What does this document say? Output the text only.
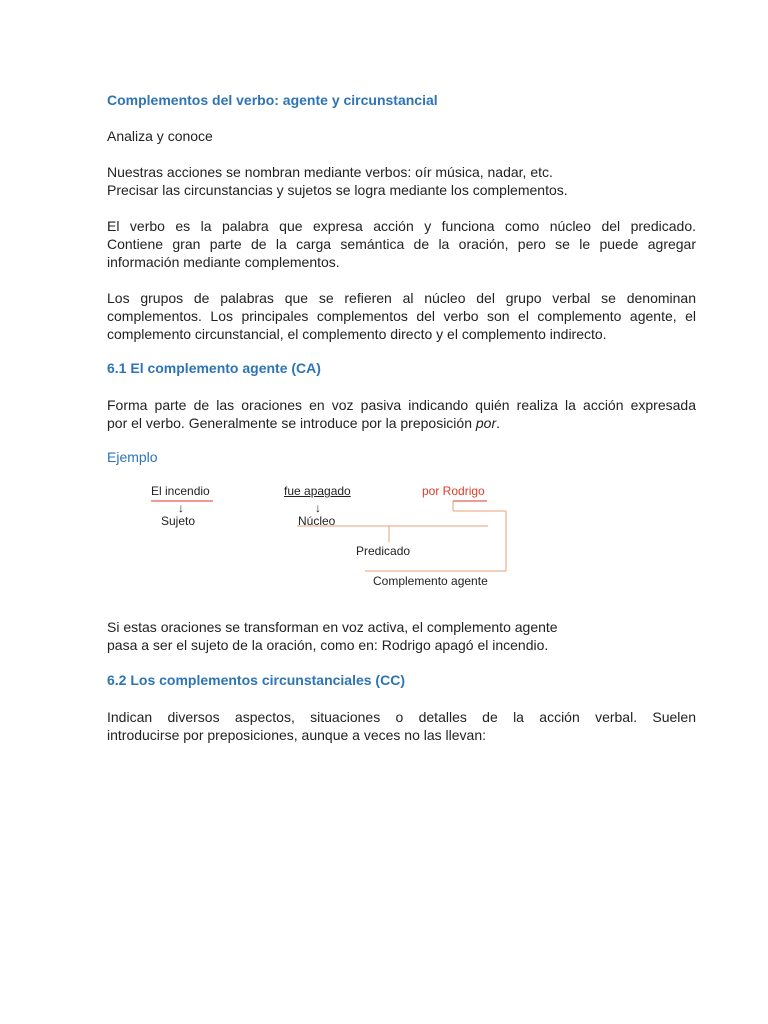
Complementos del verbo: agente y circunstancial
Analiza y conoce
Nuestras acciones se nombran mediante verbos: oír música, nadar, etc.
Precisar las circunstancias y sujetos se logra mediante los complementos.
El verbo es la palabra que expresa acción y funciona como núcleo del predicado.
Contiene gran parte de la carga semántica de la oración, pero se le puede agregar
información mediante complementos.
Los grupos de palabras que se refieren al núcleo del grupo verbal se denominan
complementos. Los principales complementos del verbo son el complemento agente, el
complemento circunstancial, el complemento directo y el complemento indirecto.
6.1 El complemento agente (CA)
Forma parte de las oraciones en voz pasiva indicando quién realiza la acción expresada
por el verbo. Generalmente se introduce por la preposición por.
Ejemplo
El incendio	fue apagado	por Rodrigo
↓	↓
Sujeto	Núcleo
Predicado
Complemento agente
Si estas oraciones se transforman en voz activa, el complemento agente
pasa a ser el sujeto de la oración, como en: Rodrigo apagó el incendio.
6.2 Los complementos circunstanciales (CC)
Indican diversos aspectos, situaciones o detalles de la acción verbal. Suelen
introducirse por preposiciones, aunque a veces no las llevan:
